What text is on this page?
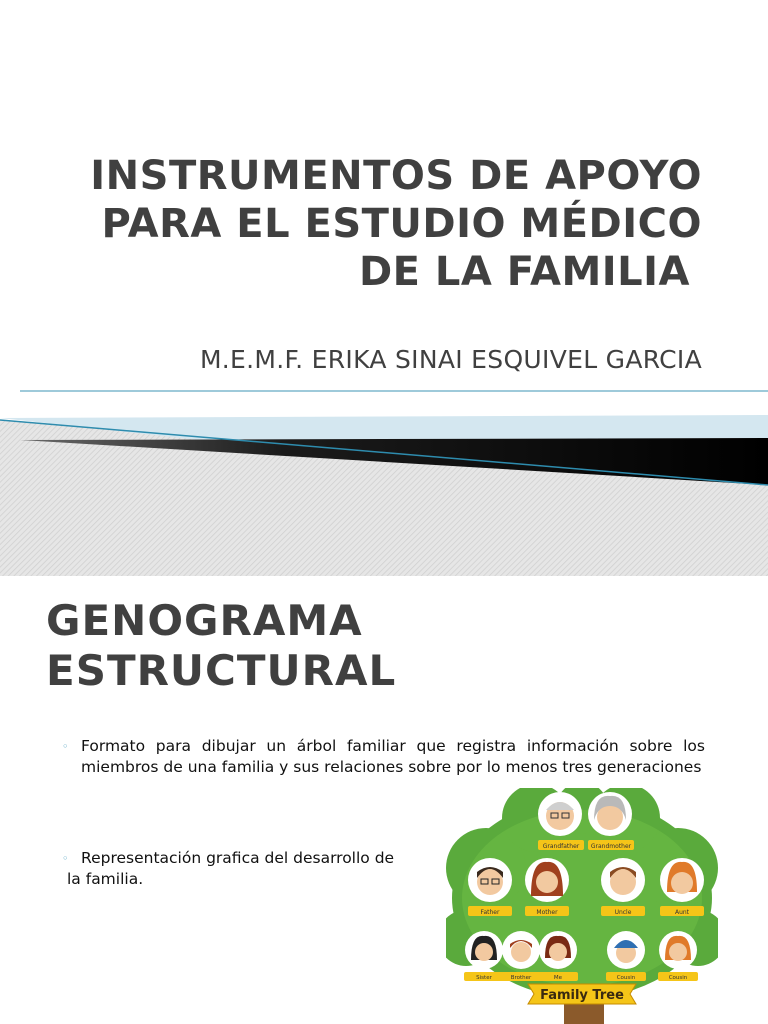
INSTRUMENTOS DE APOYO
PARA EL ESTUDIO MÉDICO
DE LA FAMILIA
M.E.M.F. ERIKA SINAI ESQUIVEL GARCIA
GENOGRAMA
ESTRUCTURAL
◦ Formato para dibujar un árbol familiar que registra información sobre los miembros de una familia y sus relaciones sobre por lo menos tres generaciones
◦ Representación grafica del desarrollo de
la familia.
Grandfather Grandmother
Father	Mother	Uncle	Aunt
Sister	Brother	Me	Cousin	Cousin
Family Tree
